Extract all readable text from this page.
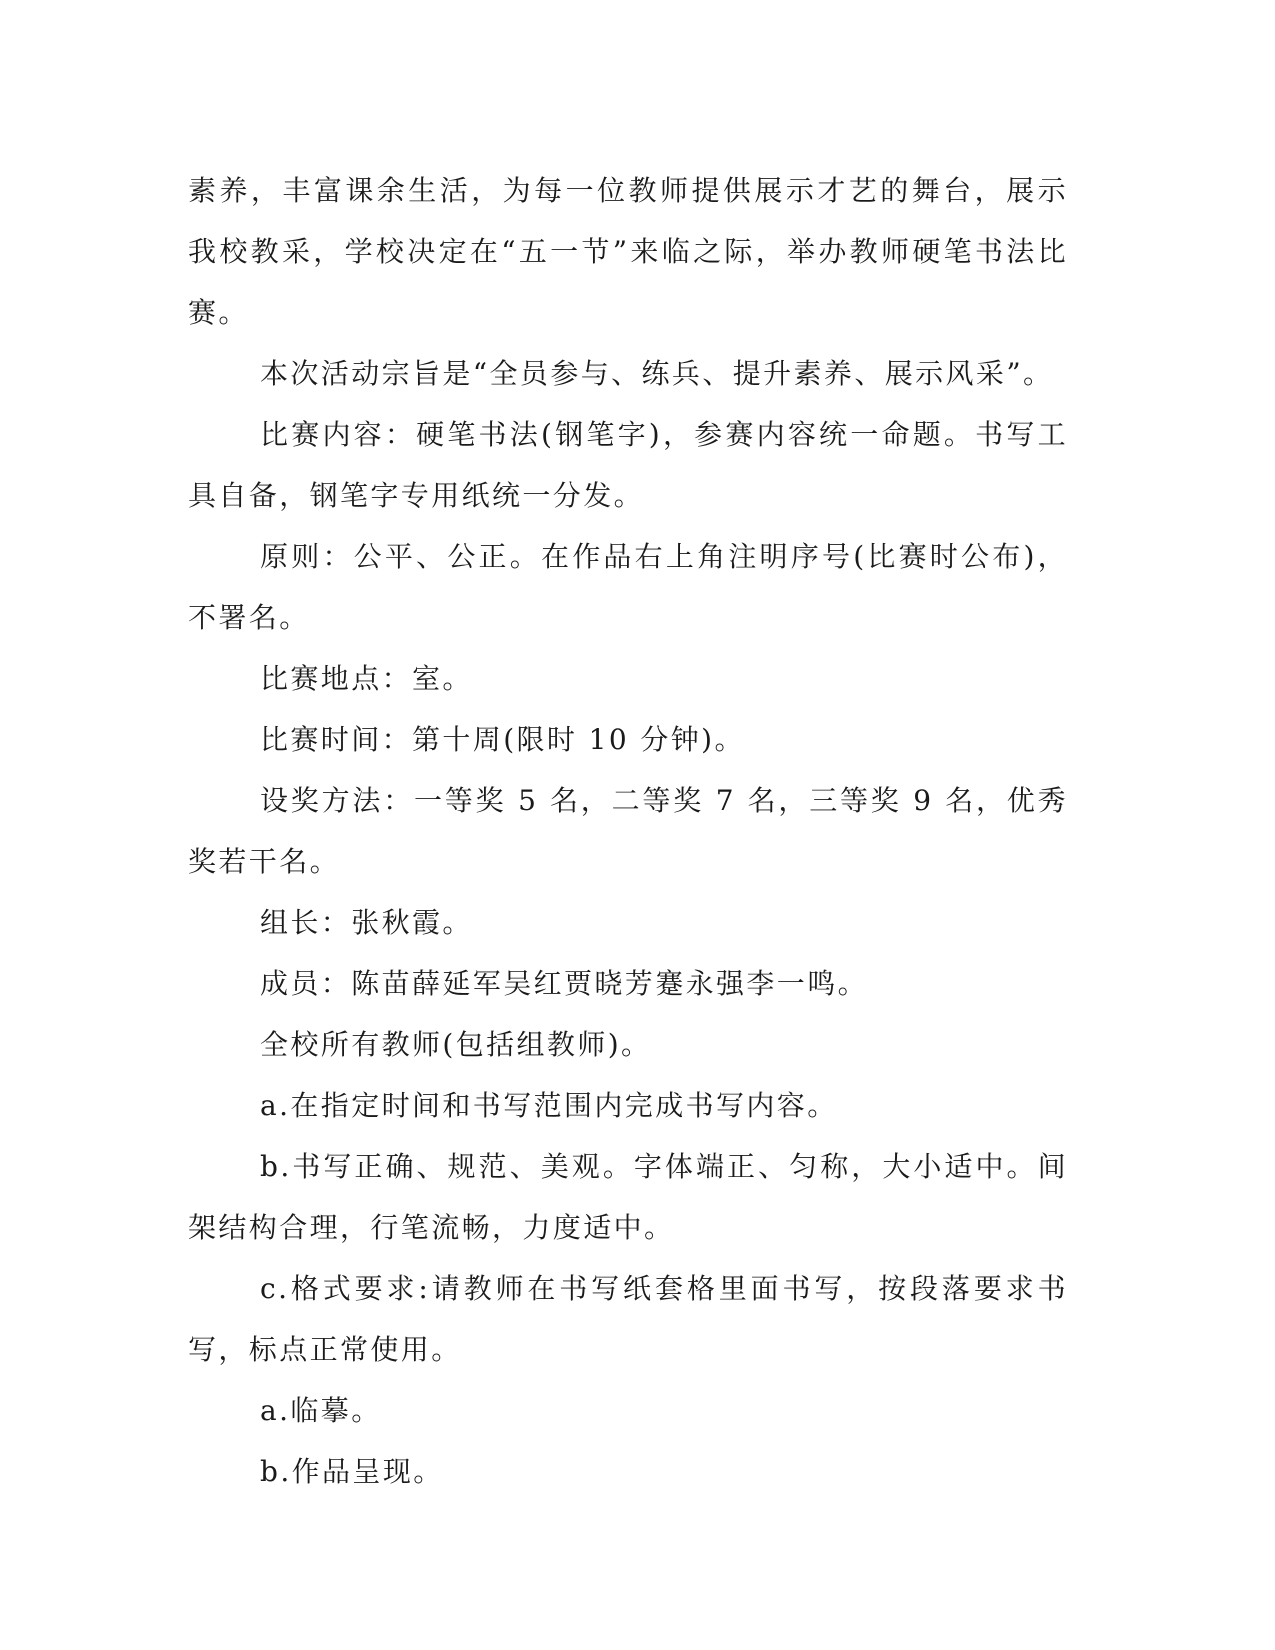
素养，丰富课余生活，为每一位教师提供展示才艺的舞台，展示我校教采，学校决定在“五一节”来临之际，举办教师硬笔书法比赛。

本次活动宗旨是“全员参与、练兵、提升素养、展示风采”。

比赛内容：硬笔书法(钢笔字)，参赛内容统一命题。书写工具自备，钢笔字专用纸统一分发。

原则：公平、公正。在作品右上角注明序号(比赛时公布)，不署名。

比赛地点：室。

比赛时间：第十周(限时 10 分钟)。

设奖方法：一等奖 5 名，二等奖 7 名，三等奖 9 名，优秀奖若干名。

组长：张秋霞。

成员：陈苗薛延军吴红贾晓芳蹇永强李一鸣。

全校所有教师(包括组教师)。

a.在指定时间和书写范围内完成书写内容。

b.书写正确、规范、美观。字体端正、匀称，大小适中。间架结构合理，行笔流畅，力度适中。

c.格式要求:请教师在书写纸套格里面书写，按段落要求书写，标点正常使用。

a.临摹。

b.作品呈现。
